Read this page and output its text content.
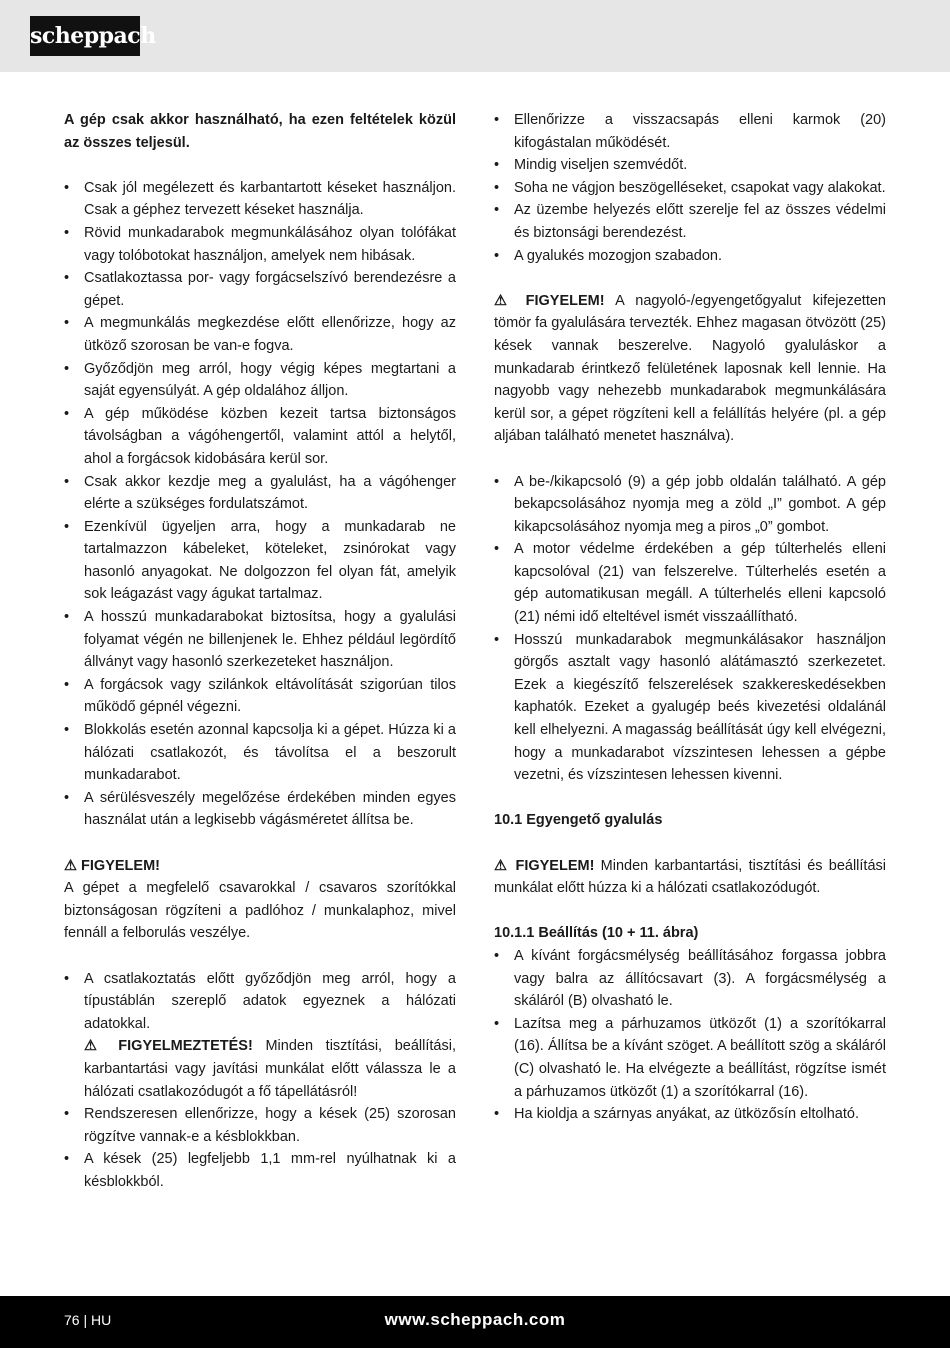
scheppach

A gép csak akkor használható, ha ezen feltételek közül az összes teljesül.

• Csak jól megélezett és karbantartott késeket használjon. Csak a géphez tervezett késeket használja.
• Rövid munkadarabok megmunkálásához olyan tolófákat vagy tolóbotokat használjon, amelyek nem hibásak.
• Csatlakoztassa por- vagy forgácselszívó berendezésre a gépet.
• A megmunkálás megkezdése előtt ellenőrizze, hogy az ütköző szorosan be van-e fogva.
• Győződjön meg arról, hogy végig képes megtartani a saját egyensúlyát. A gép oldalához álljon.
• A gép működése közben kezeit tartsa biztonságos távolságban a vágóhengertől, valamint attól a helytől, ahol a forgácsok kidobására kerül sor.
• Csak akkor kezdje meg a gyalulást, ha a vágóhenger elérte a szükséges fordulatszámot.
• Ezenkívül ügyeljen arra, hogy a munkadarab ne tartalmazzon kábeleket, köteleket, zsinórokat vagy hasonló anyagokat. Ne dolgozzon fel olyan fát, amelyik sok leágazást vagy águkat tartalmaz.
• A hosszú munkadarabokat biztosítsa, hogy a gyalulási folyamat végén ne billenjenek le. Ehhez például legördítő állványt vagy hasonló szerkezeteket használjon.
• A forgácsok vagy szilánkok eltávolítását szigorúan tilos működő gépnél végezni.
• Blokkolás esetén azonnal kapcsolja ki a gépet. Húzza ki a hálózati csatlakozót, és távolítsa el a beszorult munkadarabot.
• A sérülésveszély megelőzése érdekében minden egyes használat után a legkisebb vágásméretet állítsa be.

⚠ FIGYELEM!

A gépet a megfelelő csavarokkal / csavaros szorítókkal biztonságosan rögzíteni a padlóhoz / munkalaphoz, mivel fennáll a felborulás veszélye.

• A csatlakoztatás előtt győződjön meg arról, hogy a típustáblán szereplő adatok egyeznek a hálózati adatokkal.
⚠ FIGYELMEZTETÉS! Minden tisztítási, beállítási, karbantartási vagy javítási munkálat előtt válassza le a hálózati csatlakozódugót a fő tápellátásról!
• Rendszeresen ellenőrizze, hogy a kések (25) szorosan rögzítve vannak-e a késblokkban.
• A kések (25) legfeljebb 1,1 mm-rel nyúlhatnak ki a késblokkból.
• Ellenőrizze a visszacsapás elleni karmok (20) kifogástalan működését.
• Mindig viseljen szemvédőt.
• Soha ne vágjon beszögelléseket, csapokat vagy alakokat.
• Az üzembe helyezés előtt szerelje fel az összes védelmi és biztonsági berendezést.
• A gyalukés mozogjon szabadon.

⚠ FIGYELEM! A nagyoló-/egyengetőgyalut kifejezetten tömör fa gyalulására tervezték. Ehhez magasan ötvözött (25) kések vannak beszerelve. Nagyoló gyaluláskor a munkadarab érintkező felületének laposnak kell lennie. Ha nagyobb vagy nehezebb munkadarabok megmunkálására kerül sor, a gépet rögzíteni kell a felállítás helyére (pl. a gép aljában található menetet használva).

• A be-/kikapcsoló (9) a gép jobb oldalán található. A gép bekapcsolásához nyomja meg a zöld „I” gombot. A gép kikapcsolásához nyomja meg a piros „0” gombot.
• A motor védelme érdekében a gép túlterhelés elleni kapcsolóval (21) van felszerelve. Túlterhelés esetén a gép automatikusan megáll. A túlterhelés elleni kapcsoló (21) némi idő elteltével ismét visszaállítható.
• Hosszú munkadarabok megmunkálásakor használjon görgős asztalt vagy hasonló alátámasztó szerkezetet. Ezek a kiegészítő felszerelések szakkereskedésekben kaphatók. Ezeket a gyalugép beés kivezetési oldalánál kell elhelyezni. A magasság beállítását úgy kell elvégezni, hogy a munkadarabot vízszintesen lehessen a gépbe vezetni, és vízszintesen lehessen kivenni.

10.1 Egyengető gyalulás

⚠ FIGYELEM! Minden karbantartási, tisztítási és beállítási munkálat előtt húzza ki a hálózati csatlakozódugót.

10.1.1 Beállítás (10 + 11. ábra)

• A kívánt forgácsmélység beállításához forgassa jobbra vagy balra az állítócsavart (3). A forgácsmélység a skáláról (B) olvasható le.
• Lazítsa meg a párhuzamos ütközőt (1) a szorítókarral (16). Állítsa be a kívánt szöget. A beállított szög a skáláról (C) olvasható le. Ha elvégezte a beállítást, rögzítse ismét a párhuzamos ütközőt (1) a szorítókarral (16).
• Ha kioldja a szárnyas anyákat, az ütközősín eltolható.
76 | HU	www.scheppach.com
